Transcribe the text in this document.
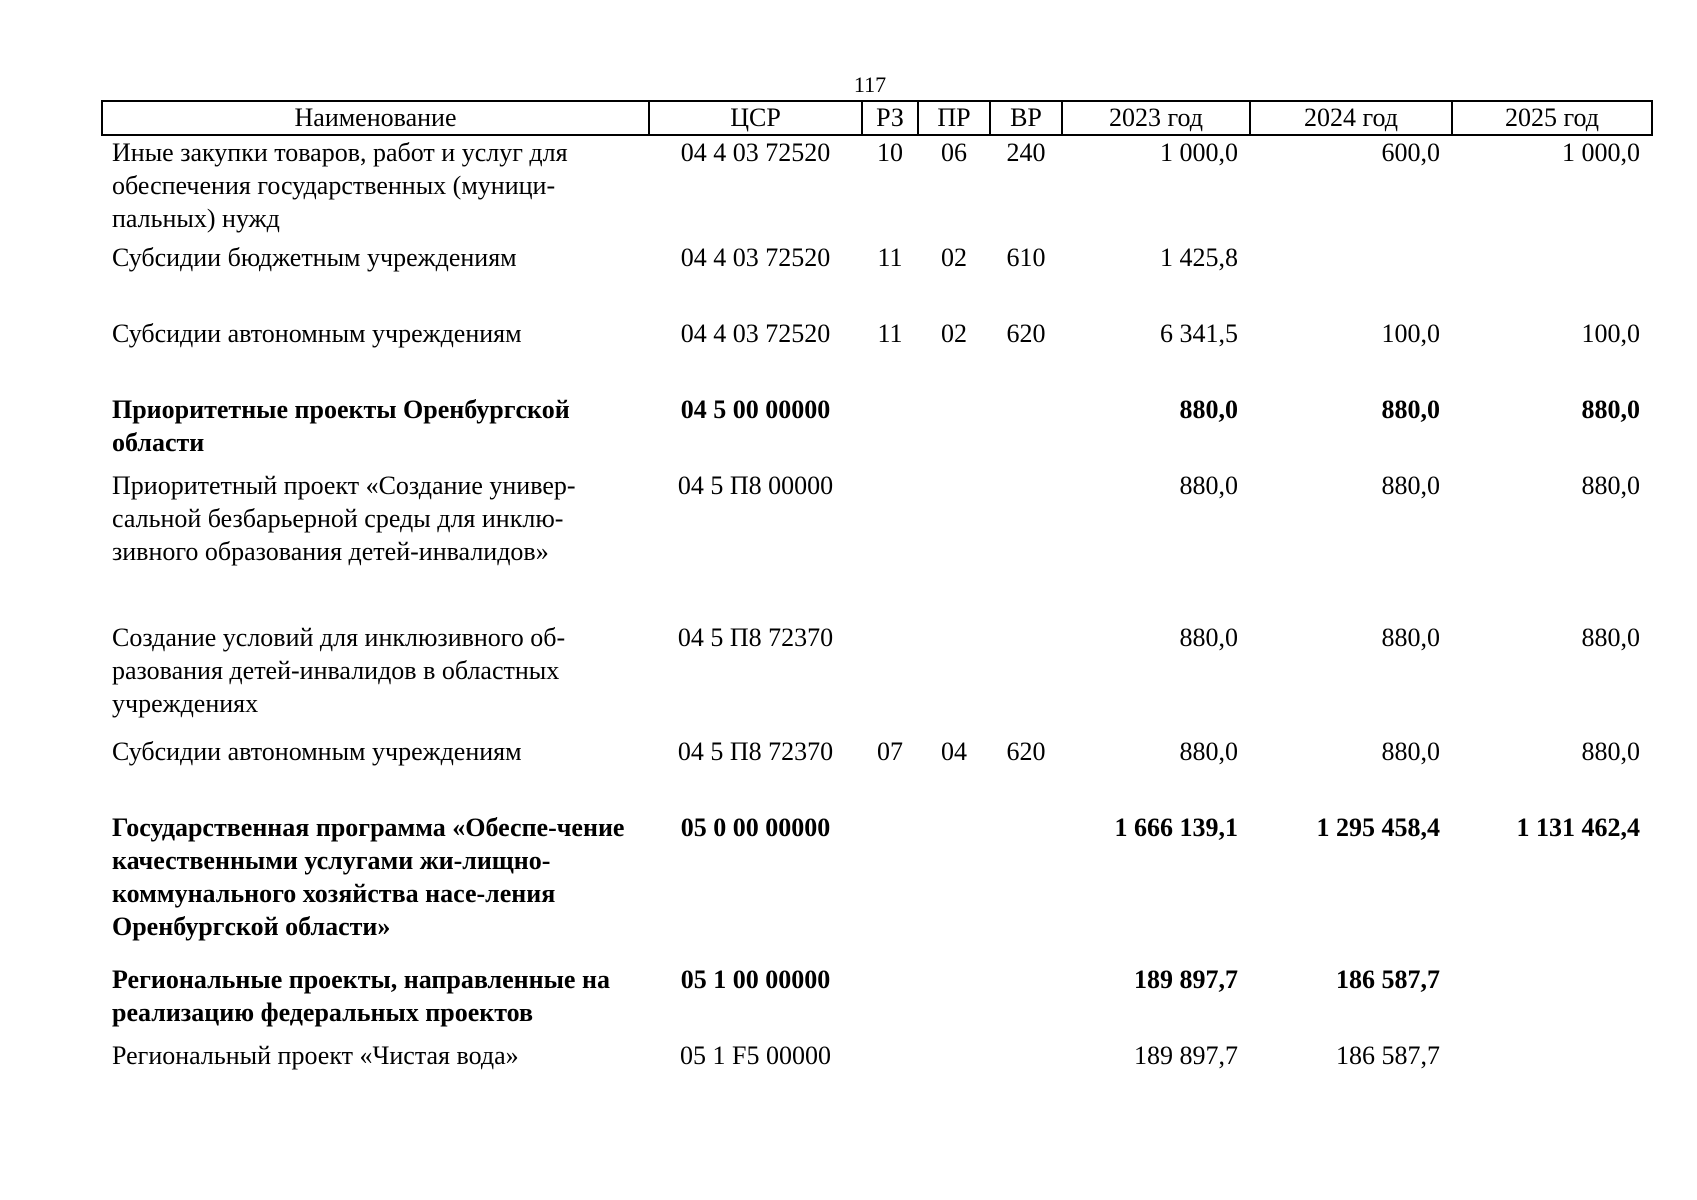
117
Наименование	ЦСР	РЗ	ПР	ВР	2023 год	2024 год	2025 год
Иные закупки товаров, работ и услуг для обеспечения государственных (муници-пальных) нужд	04 4 03 72520	10	06	240	1 000,0	600,0	1 000,0
Субсидии бюджетным учреждениям	04 4 03 72520	11	02	610	1 425,8		
Субсидии автономным учреждениям	04 4 03 72520	11	02	620	6 341,5	100,0	100,0
Приоритетные проекты Оренбургской области	04 5 00 00000				880,0	880,0	880,0
Приоритетный проект «Создание универ-сальной безбарьерной среды для инклю-зивного образования детей-инвалидов»	04 5 П8 00000				880,0	880,0	880,0
Создание условий для инклюзивного об-разования детей-инвалидов в областных учреждениях	04 5 П8 72370				880,0	880,0	880,0
Субсидии автономным учреждениям	04 5 П8 72370	07	04	620	880,0	880,0	880,0
Государственная программа «Обеспе-чение качественными услугами жи-лищно-коммунального хозяйства насе-ления Оренбургской области»	05 0 00 00000				1 666 139,1	1 295 458,4	1 131 462,4
Региональные проекты, направленные на реализацию федеральных проектов	05 1 00 00000				189 897,7	186 587,7	
Региональный проект «Чистая вода»	05 1 F5 00000				189 897,7	186 587,7	
